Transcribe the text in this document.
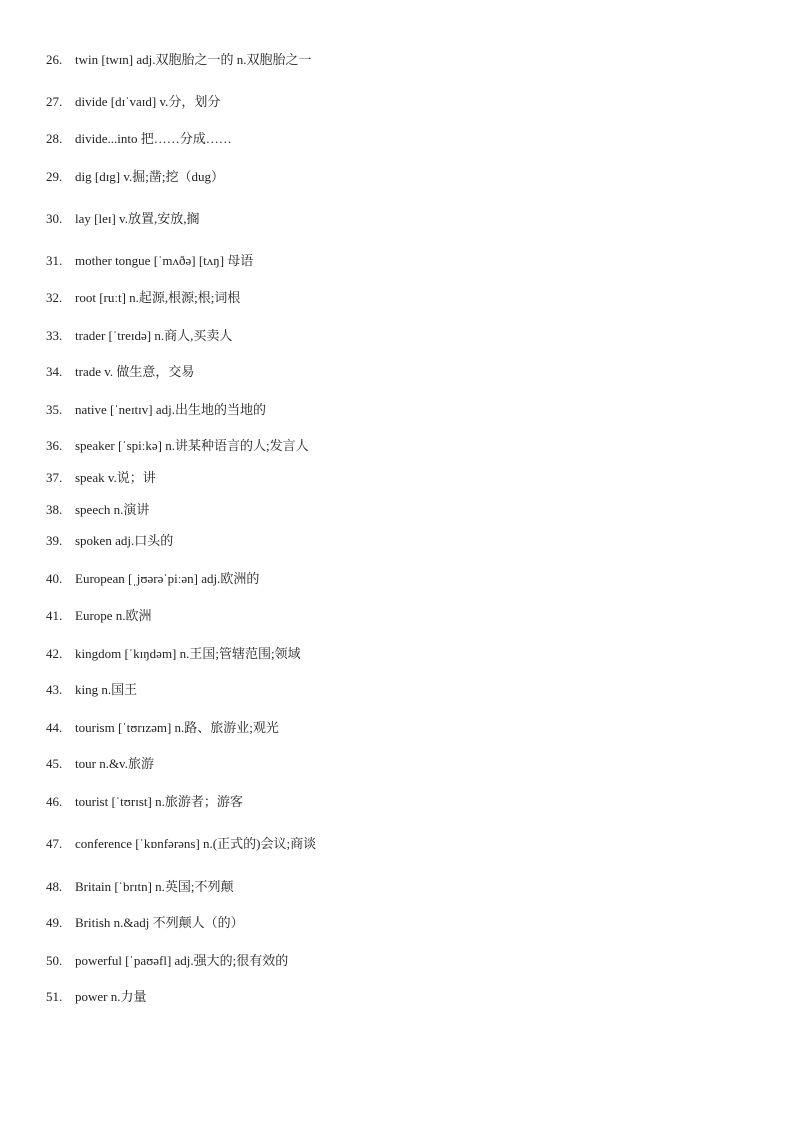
26. twin [twɪn] adj.双胞胎之一的 n.双胞胎之一
27. divide [dɪˈvaɪd] v.分，划分
28. divide...into 把……分成……
29. dig [dɪg] v.掘;凿;挖（dug）
30. lay [leɪ] v.放置,安放,搁
31. mother tongue [ˈmʌðə] [tʌŋ] 母语
32. root [ruːt] n.起源,根源;根;词根
33. trader [ˈtreɪdə] n.商人,买卖人
34. trade v. 做生意，交易
35. native [ˈneɪtɪv] adj.出生地的当地的
36. speaker [ˈspiːkə] n.讲某种语言的人;发言人
37. speak v.说；讲
38. speech n.演讲
39. spoken adj.口头的
40. European [ˌjʊərəˈpiːən] adj.欧洲的
41. Europe n.欧洲
42. kingdom [ˈkɪŋdəm] n.王国;管辖范围;领域
43. king n.国王
44. tourism [ˈtʊrɪzəm] n.路、旅游业;观光
45. tour n.&v.旅游
46. tourist [ˈtʊrɪst] n.旅游者；游客
47. conference [ˈkɒnfərəns] n.(正式的)会议;商谈
48. Britain [ˈbrɪtn] n.英国;不列颠
49. British n.&adj 不列颠人（的）
50. powerful [ˈpaʊəfl] adj.强大的;很有效的
51. power n.力量
